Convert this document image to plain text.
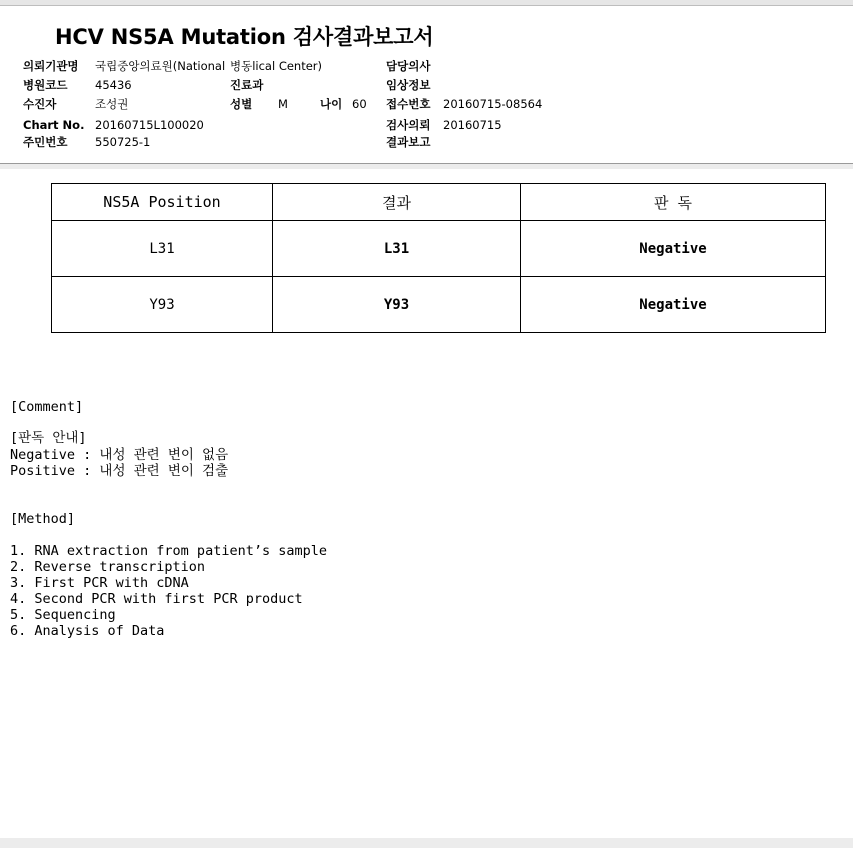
HCV NS5A Mutation 검사결과보고서
의뢰기관명 국립중앙의료원(National 병동lical Center)	담당의사
병원코드 45436	진료과	임상정보
수진자	조성권	성별 M	나이 60 접수번호 20160715-08564
Chart No. 20160715L100020	검사의뢰 20160715
주민번호 550725-1	결과보고
NS5A Position	결과	판 독
L31	L31	Negative
Y93	Y93	Negative
[Comment]
[판독 안내]
Negative : 내성 관련 변이 없음
Positive : 내성 관련 변이 검출
[Method]
1. RNA extraction from patient’s sample
2. Reverse transcription
3. First PCR with cDNA
4. Second PCR with first PCR product
5. Sequencing
6. Analysis of Data
